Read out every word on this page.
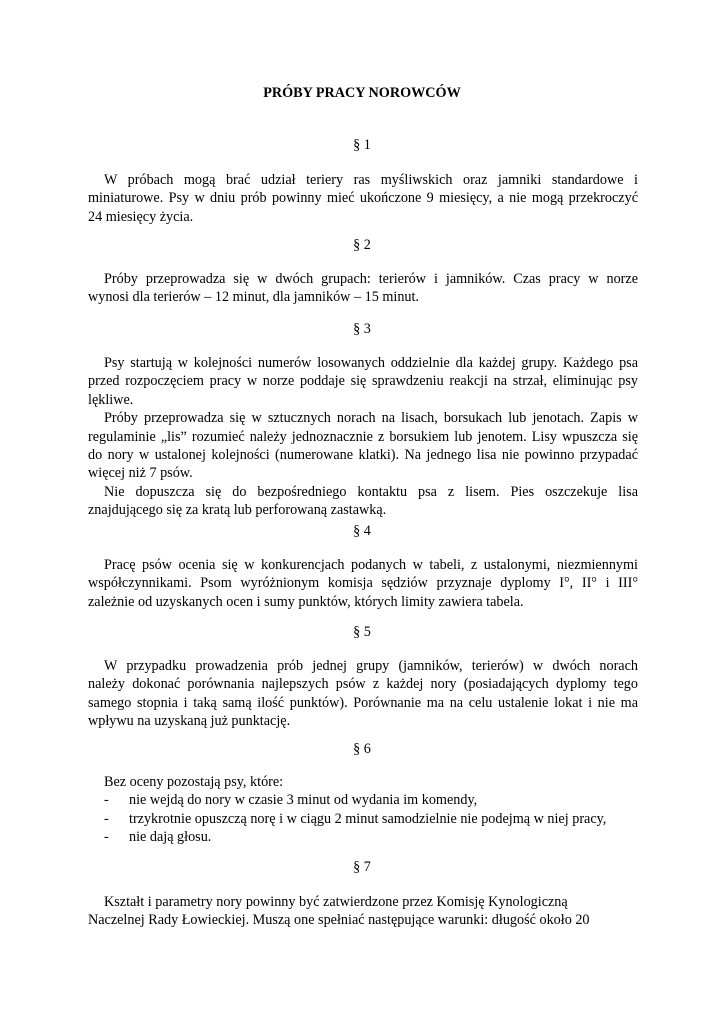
PRÓBY PRACY NOROWCÓW
§ 1
W próbach mogą brać udział teriery ras myśliwskich oraz jamniki standardowe i
miniaturowe. Psy w dniu prób powinny mieć ukończone 9 miesięcy, a nie mogą przekroczyć
24 miesięcy życia.
§ 2
Próby przeprowadza się w dwóch grupach: terierów i jamników. Czas pracy w norze
wynosi dla terierów – 12 minut, dla jamników – 15 minut.
§ 3
Psy startują w kolejności numerów losowanych oddzielnie dla każdej grupy. Każdego psa
przed rozpoczęciem pracy w norze poddaje się sprawdzeniu reakcji na strzał, eliminując psy
lękliwe.
Próby przeprowadza się w sztucznych norach na lisach, borsukach lub jenotach. Zapis w
regulaminie „lis” rozumieć należy jednoznacznie z borsukiem lub jenotem. Lisy wpuszcza się
do nory w ustalonej kolejności (numerowane klatki). Na jednego lisa nie powinno przypadać
więcej niż 7 psów.
Nie dopuszcza się do bezpośredniego kontaktu psa z lisem. Pies oszczekuje lisa
znajdującego się za kratą lub perforowaną zastawką.
§ 4
Pracę psów ocenia się w konkurencjach podanych w tabeli, z ustalonymi, niezmiennymi
współczynnikami. Psom wyróżnionym komisja sędziów przyznaje dyplomy I°, II° i III°
zależnie od uzyskanych ocen i sumy punktów, których limity zawiera tabela.
§ 5
W przypadku prowadzenia prób jednej grupy (jamników, terierów) w dwóch norach
należy dokonać porównania najlepszych psów z każdej nory (posiadających dyplomy tego
samego stopnia i taką samą ilość punktów). Porównanie ma na celu ustalenie lokat i nie ma
wpływu na uzyskaną już punktację.
§ 6
Bez oceny pozostają psy, które:
- nie wejdą do nory w czasie 3 minut od wydania im komendy,
- trzykrotnie opuszczą norę i w ciągu 2 minut samodzielnie nie podejmą w niej pracy,
- nie dają głosu.
§ 7
Kształt i parametry nory powinny być zatwierdzone przez Komisję Kynologiczną
Naczelnej Rady Łowieckiej. Muszą one spełniać następujące warunki: długość około 20
